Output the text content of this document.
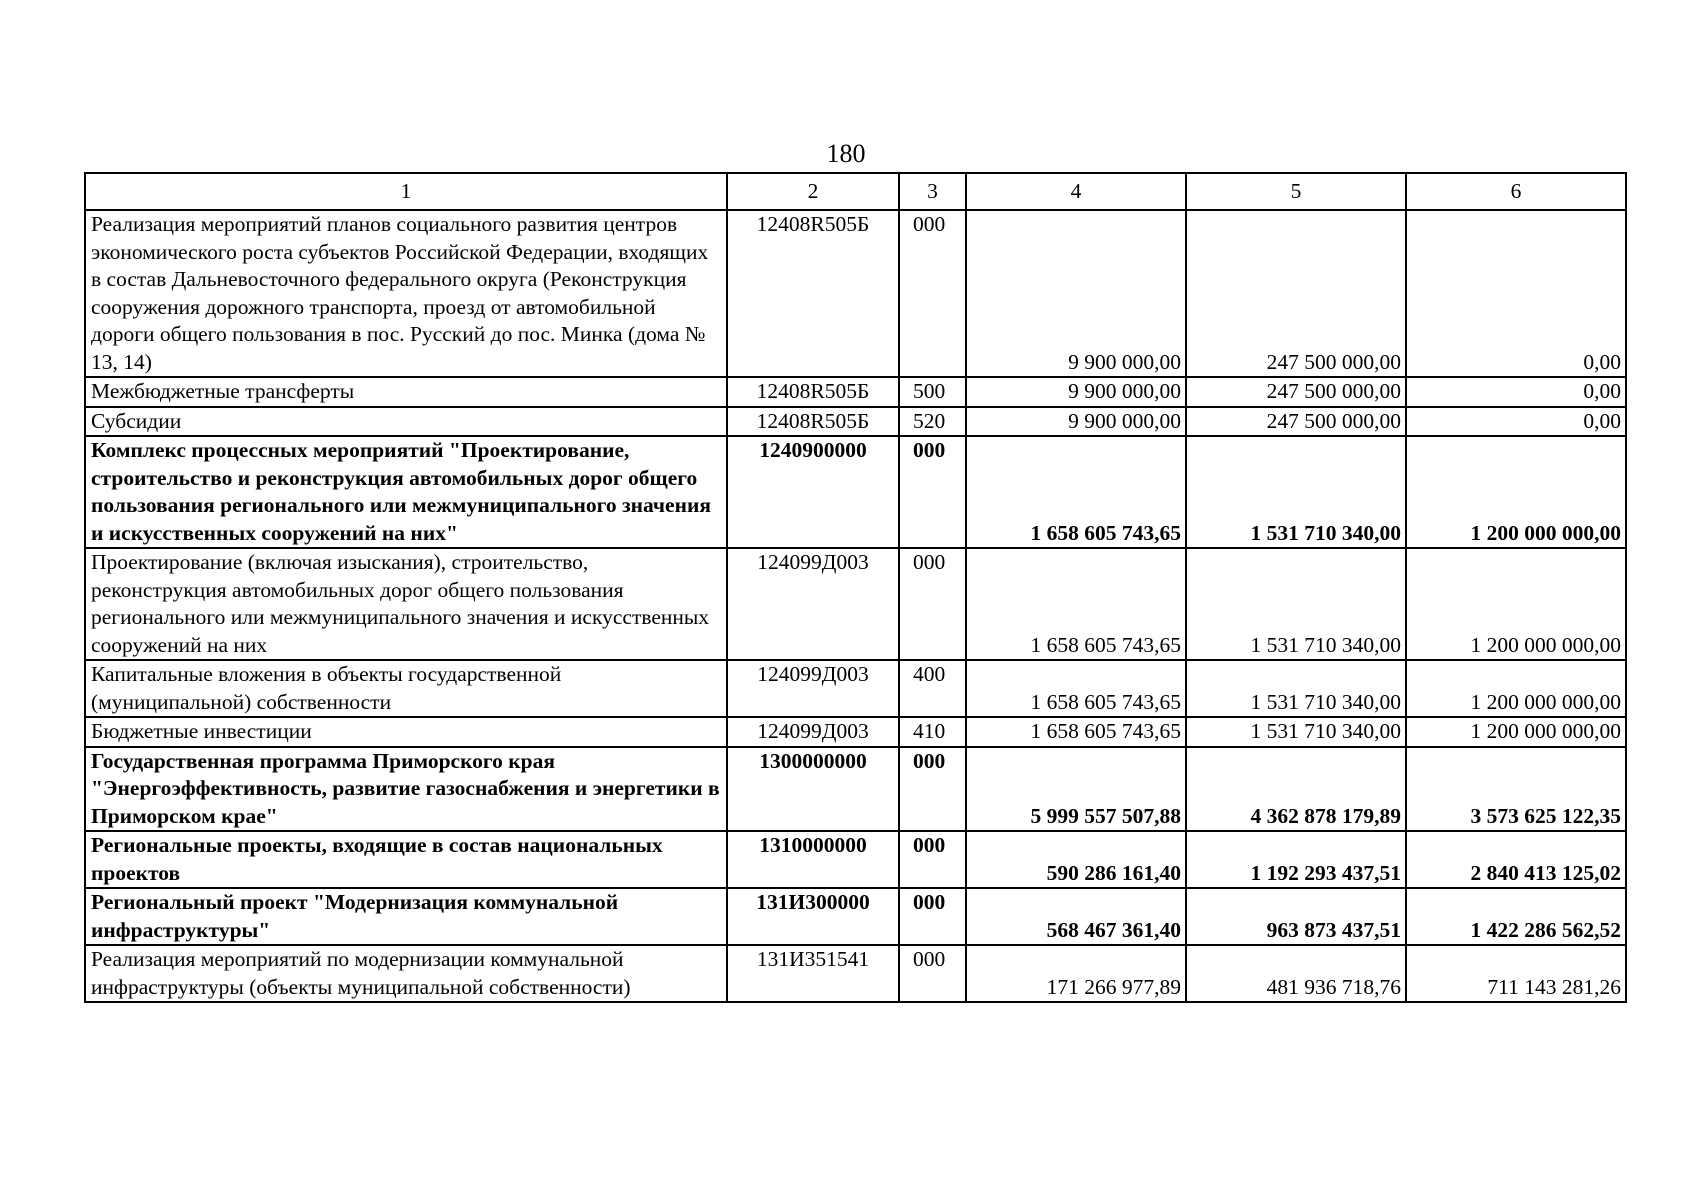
180
1	2	3	4	5	6
Реализация мероприятий планов социального развития центров экономического роста субъектов Российской Федерации, входящих в состав Дальневосточного федерального округа (Реконструкция сооружения дорожного транспорта, проезд от автомобильной дороги общего пользования в пос. Русский до пос. Минка (дома № 13, 14)	12408R505Б	000	9 900 000,00	247 500 000,00	0,00
Межбюджетные трансферты	12408R505Б	500	9 900 000,00	247 500 000,00	0,00
Субсидии	12408R505Б	520	9 900 000,00	247 500 000,00	0,00
Комплекс процессных мероприятий "Проектирование, строительство и реконструкция автомобильных дорог общего пользования регионального или межмуниципального значения и искусственных сооружений на них"	1240900000	000	1 658 605 743,65	1 531 710 340,00	1 200 000 000,00
Проектирование (включая изыскания), строительство, реконструкция автомобильных дорог общего пользования регионального или межмуниципального значения и искусственных сооружений на них	124099Д003	000	1 658 605 743,65	1 531 710 340,00	1 200 000 000,00
Капитальные вложения в объекты государственной (муниципальной) собственности	124099Д003	400	1 658 605 743,65	1 531 710 340,00	1 200 000 000,00
Бюджетные инвестиции	124099Д003	410	1 658 605 743,65	1 531 710 340,00	1 200 000 000,00
Государственная программа Приморского края "Энергоэффективность, развитие газоснабжения и энергетики в Приморском крае"	1300000000	000	5 999 557 507,88	4 362 878 179,89	3 573 625 122,35
Региональные проекты, входящие в состав национальных проектов	1310000000	000	590 286 161,40	1 192 293 437,51	2 840 413 125,02
Региональный проект "Модернизация коммунальной инфраструктуры"	131И300000	000	568 467 361,40	963 873 437,51	1 422 286 562,52
Реализация мероприятий по модернизации коммунальной инфраструктуры (объекты муниципальной собственности)	131И351541	000	171 266 977,89	481 936 718,76	711 143 281,26
